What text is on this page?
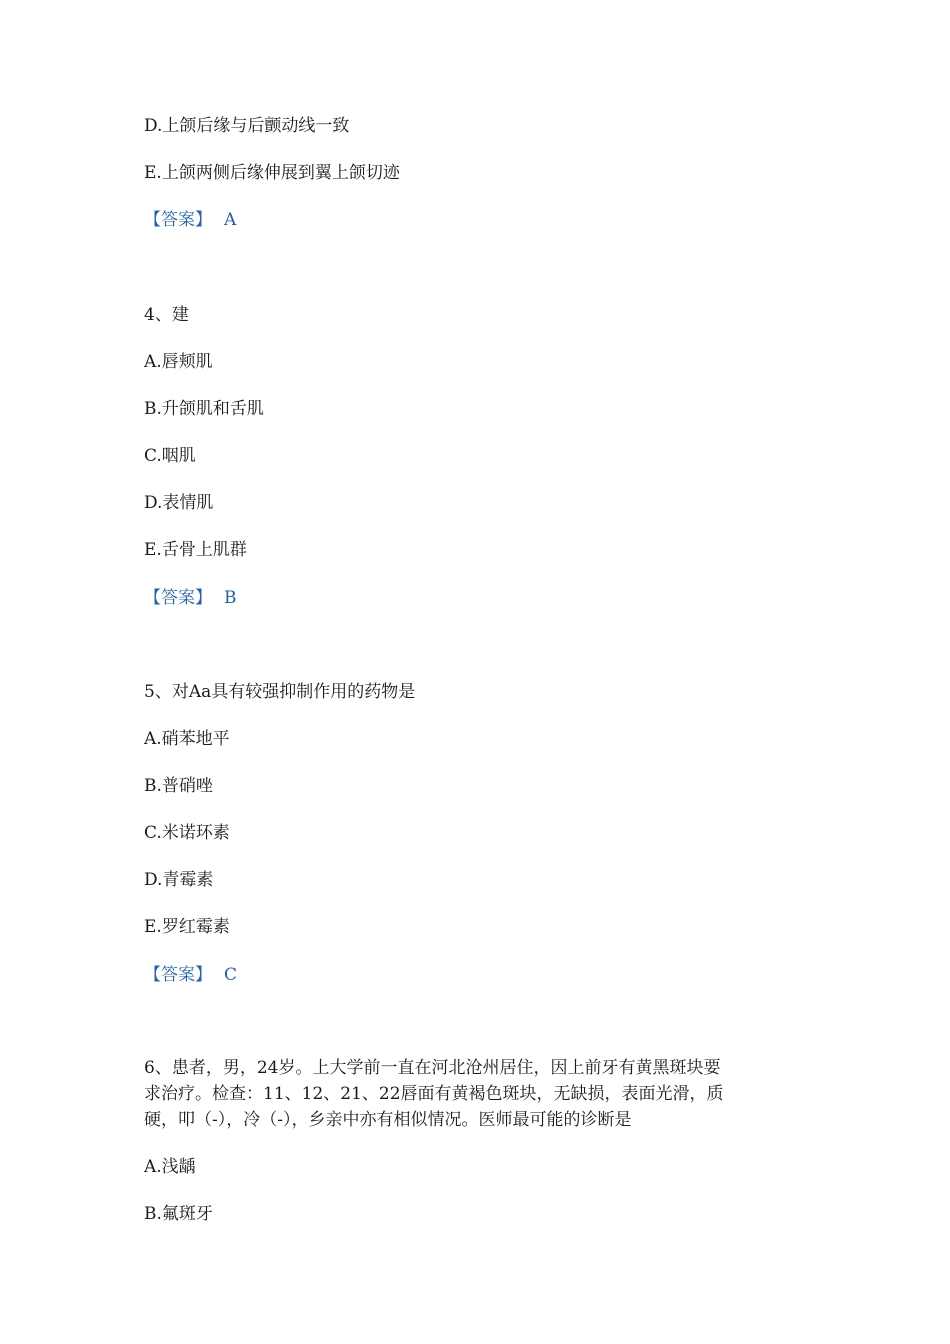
D.上颌后缘与后颤动线一致
E.上颌两侧后缘伸展到翼上颌切迹
【答案】 A
4、建
A.唇颊肌
B.升颌肌和舌肌
C.咽肌
D.表情肌
E.舌骨上肌群
【答案】 B
5、对Aa具有较强抑制作用的药物是
A.硝苯地平
B.普硝唑
C.米诺环素
D.青霉素
E.罗红霉素
【答案】 C
6、患者，男，24岁。上大学前一直在河北沧州居住，因上前牙有黄黑斑块要
求治疗。检查：11、12、21、22唇面有黄褐色斑块，无缺损，表面光滑，质
硬，叩（-），冷（-），乡亲中亦有相似情况。医师最可能的诊断是
A.浅龋
B.氟斑牙
